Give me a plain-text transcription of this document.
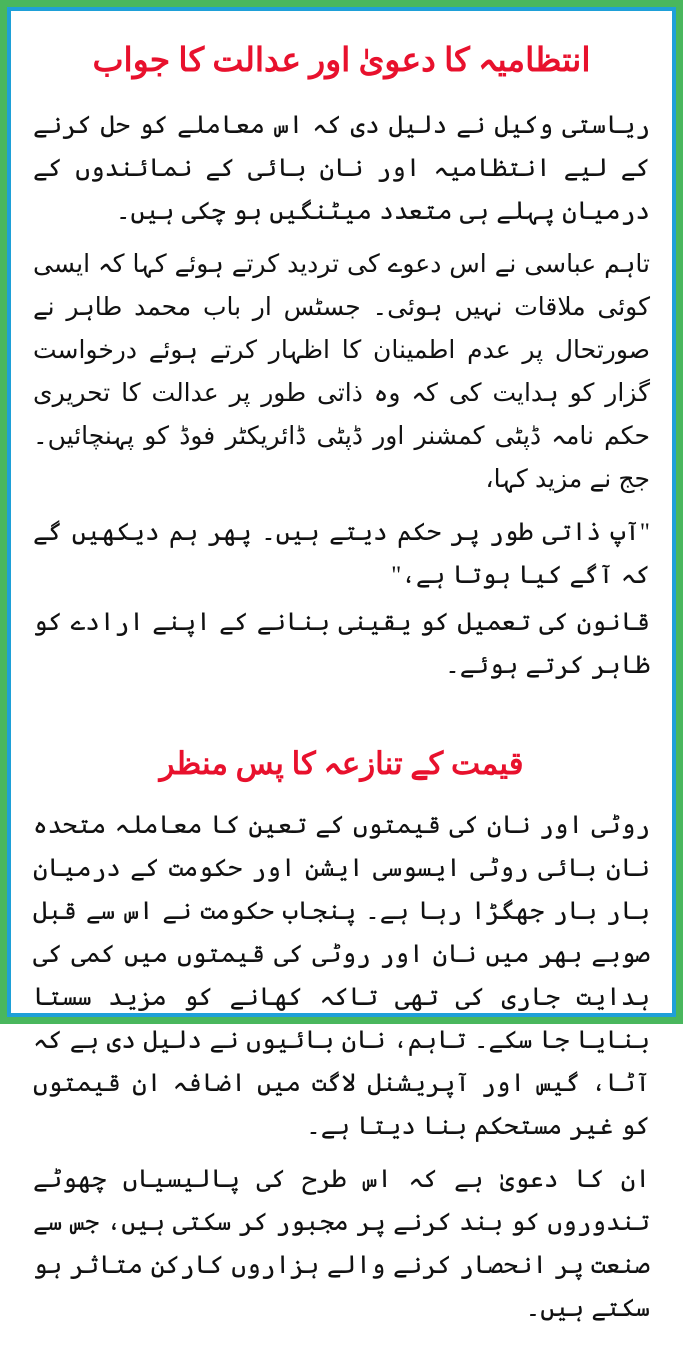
انتظامیہ کا دعویٰ اور عدالت کا جواب

ریاستی وکیل نے دلیل دی کہ اس معاملے کو حل کرنے کے لیے انتظامیہ اور نان بائی کے نمائندوں کے درمیان پہلے ہی متعدد میٹنگیں ہو چکی ہیں۔

تاہم عباسی نے اس دعوے کی تردید کرتے ہوئے کہا کہ ایسی کوئی ملاقات نہیں ہوئی۔ جسٹس ار باب محمد طاہر نے صورتحال پر عدم اطمینان کا اظہار کرتے ہوئے درخواست گزار کو ہدایت کی کہ وہ ذاتی طور پر عدالت کا تحریری حکم نامہ ڈپٹی کمشنر اور ڈپٹی ڈائریکٹر فوڈ کو پہنچائیں۔ جج نے مزید کہا،

"آپ ذاتی طور پر حکم دیتے ہیں۔ پھر ہم دیکھیں گے کہ آگے کیا ہوتا ہے،"

قانون کی تعمیل کو یقینی بنانے کے اپنے ارادے کو ظاہر کرتے ہوئے۔

قیمت کے تنازعہ کا پس منظر

روٹی اور نان کی قیمتوں کے تعین کا معاملہ متحدہ نان بائی روٹی ایسوسی ایشن اور حکومت کے درمیان بار بار جھگڑا رہا ہے۔ پنجاب حکومت نے اس سے قبل صوبے بھر میں نان اور روٹی کی قیمتوں میں کمی کی ہدایت جاری کی تھی تاکہ کھانے کو مزید سستا بنایا جا سکے۔ تاہم، نان بائیوں نے دلیل دی ہے کہ آٹا، گیس اور آپریشنل لاگت میں اضافہ ان قیمتوں کو غیر مستحکم بنا دیتا ہے۔

ان کا دعویٰ ہے کہ اس طرح کی پالیسیاں چھوٹے تندوروں کو بند کرنے پر مجبور کر سکتی ہیں، جس سے صنعت پر انحصار کرنے والے ہزاروں کارکن متاثر ہو سکتے ہیں۔
